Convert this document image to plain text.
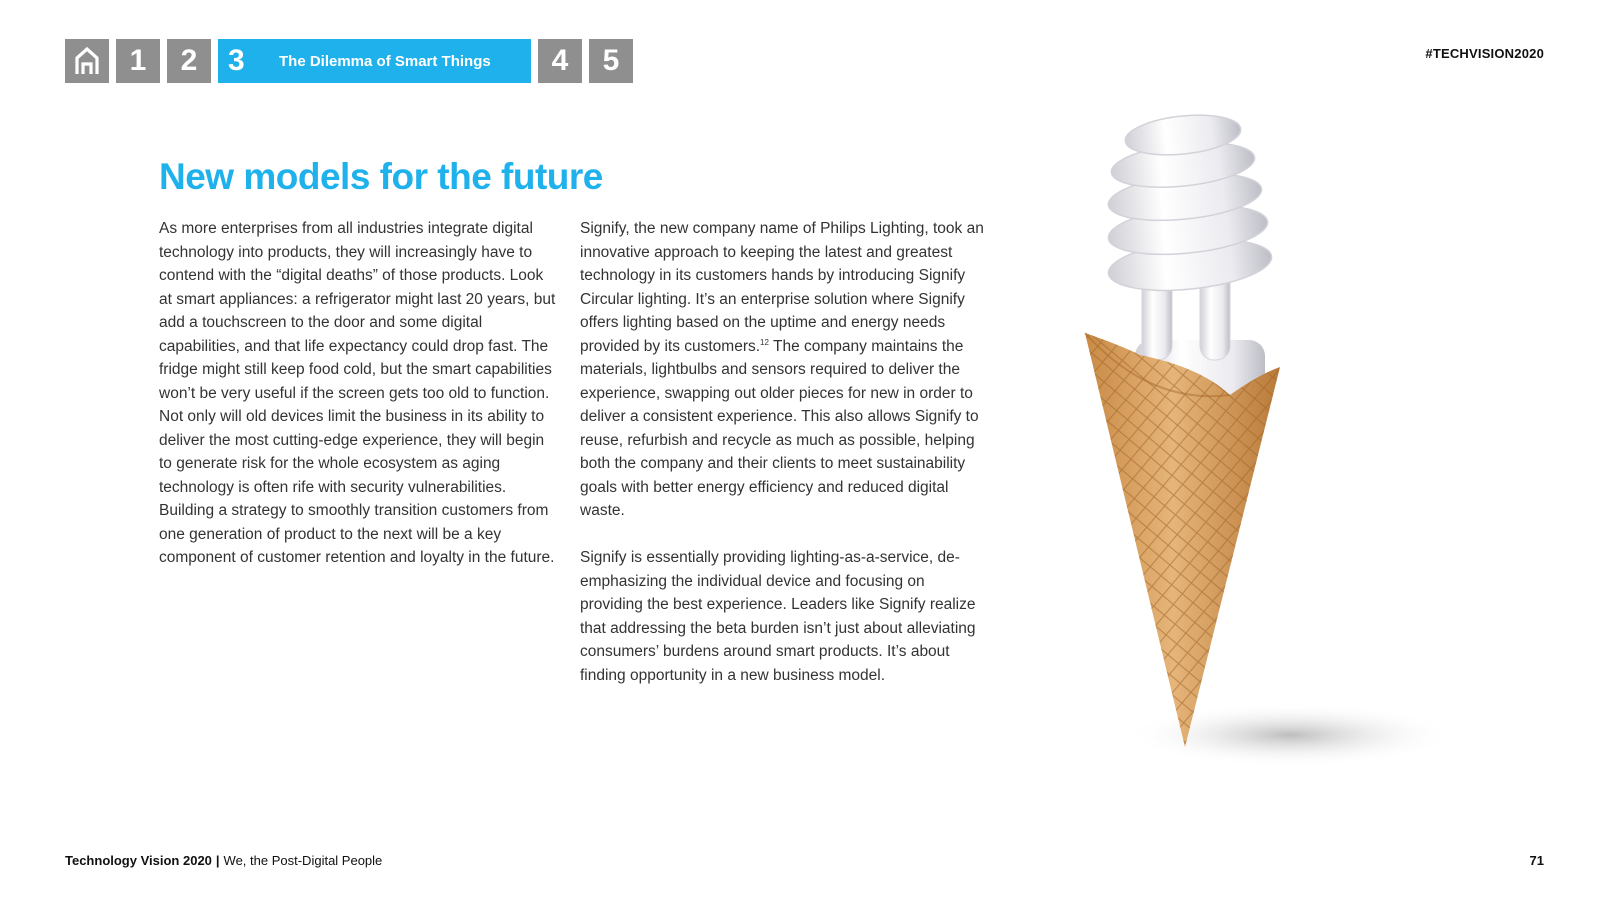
1 2 3	The Dilemma of Smart Things 4 5	#TECHVISION2020
New models for the future

As more enterprises from all industries integrate digital technology into products, they will increasingly have to contend with the “digital deaths” of those products. Look at smart appliances: a refrigerator might last 20 years, but add a touchscreen to the door and some digital capabilities, and that life expectancy could drop fast. The fridge might still keep food cold, but the smart capabilities won’t be very useful if the screen gets too old to function. Not only will old devices limit the business in its ability to deliver the most cutting-edge experience, they will begin to generate risk for the whole ecosystem as aging technology is often rife with security vulnerabilities. Building a strategy to smoothly transition customers from one generation of product to the next will be a key component of customer retention and loyalty in the future.

Signify, the new company name of Philips Lighting, took an innovative approach to keeping the latest and greatest technology in its customers hands by introducing Signify Circular lighting. It’s an enterprise solution where Signify offers lighting based on the uptime and energy needs provided by its customers.$^{12}$ The company maintains the materials, lightbulbs and sensors required to deliver the experience, swapping out older pieces for new in order to deliver a consistent experience. This also allows Signify to reuse, refurbish and recycle as much as possible, helping both the company and their clients to meet sustainability goals with better energy efficiency and reduced digital waste.

Signify is essentially providing lighting-as-a-service, de-emphasizing the individual device and focusing on providing the best experience. Leaders like Signify realize that addressing the beta burden isn’t just about alleviating consumers’ burdens around smart products. It’s about finding opportunity in a new business model.

Technology Vision 2020 | We, the Post-Digital People	71
